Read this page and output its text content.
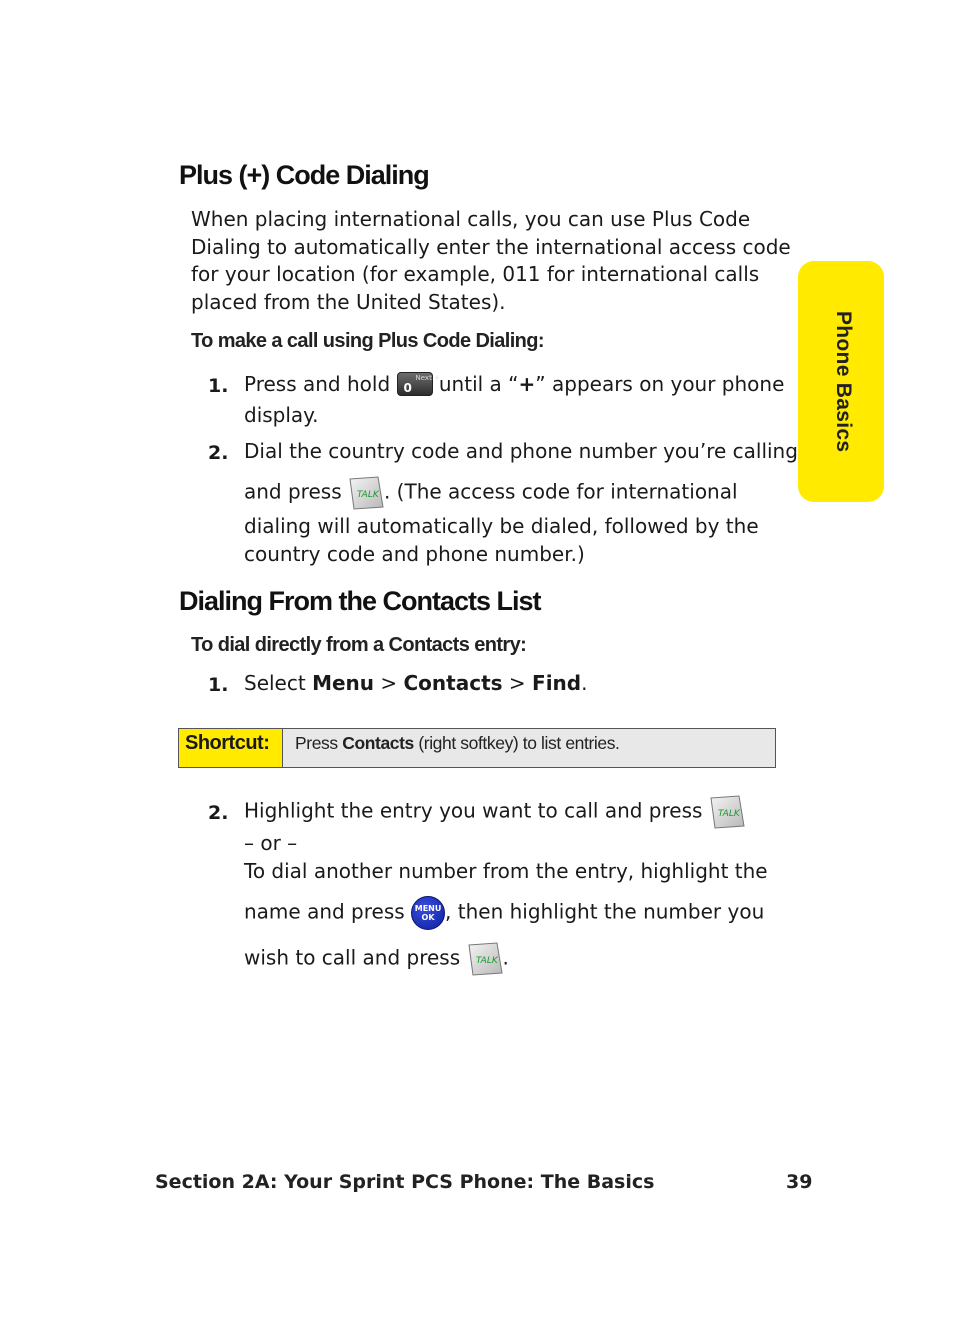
Phone Basics
Plus (+) Code Dialing
When placing international calls, you can use Plus Code
Dialing to automatically enter the international access code
for your location (for example, 011 for international calls
placed from the United States).
To make a call using Plus Code Dialing:
1. Press and hold 0
Next +
until a “+” appears on your phone
display.
2. Dial the country code and phone number you’re calling
and press TALK . (The access code for international
dialing will automatically be dialed, followed by the
country code and phone number.)
Dialing From the Contacts List
To dial directly from a Contacts entry:
1. Select Menu > Contacts > Find.
Shortcut:	Press Contacts (right softkey) to list entries.
2. Highlight the entry you want to call and press TALK
– or –
To dial another number from the entry, highlight the
name and press	MENU
OK , then highlight the number you
wish to call and press TALK .
Section 2A: Your Sprint PCS Phone: The Basics	39
